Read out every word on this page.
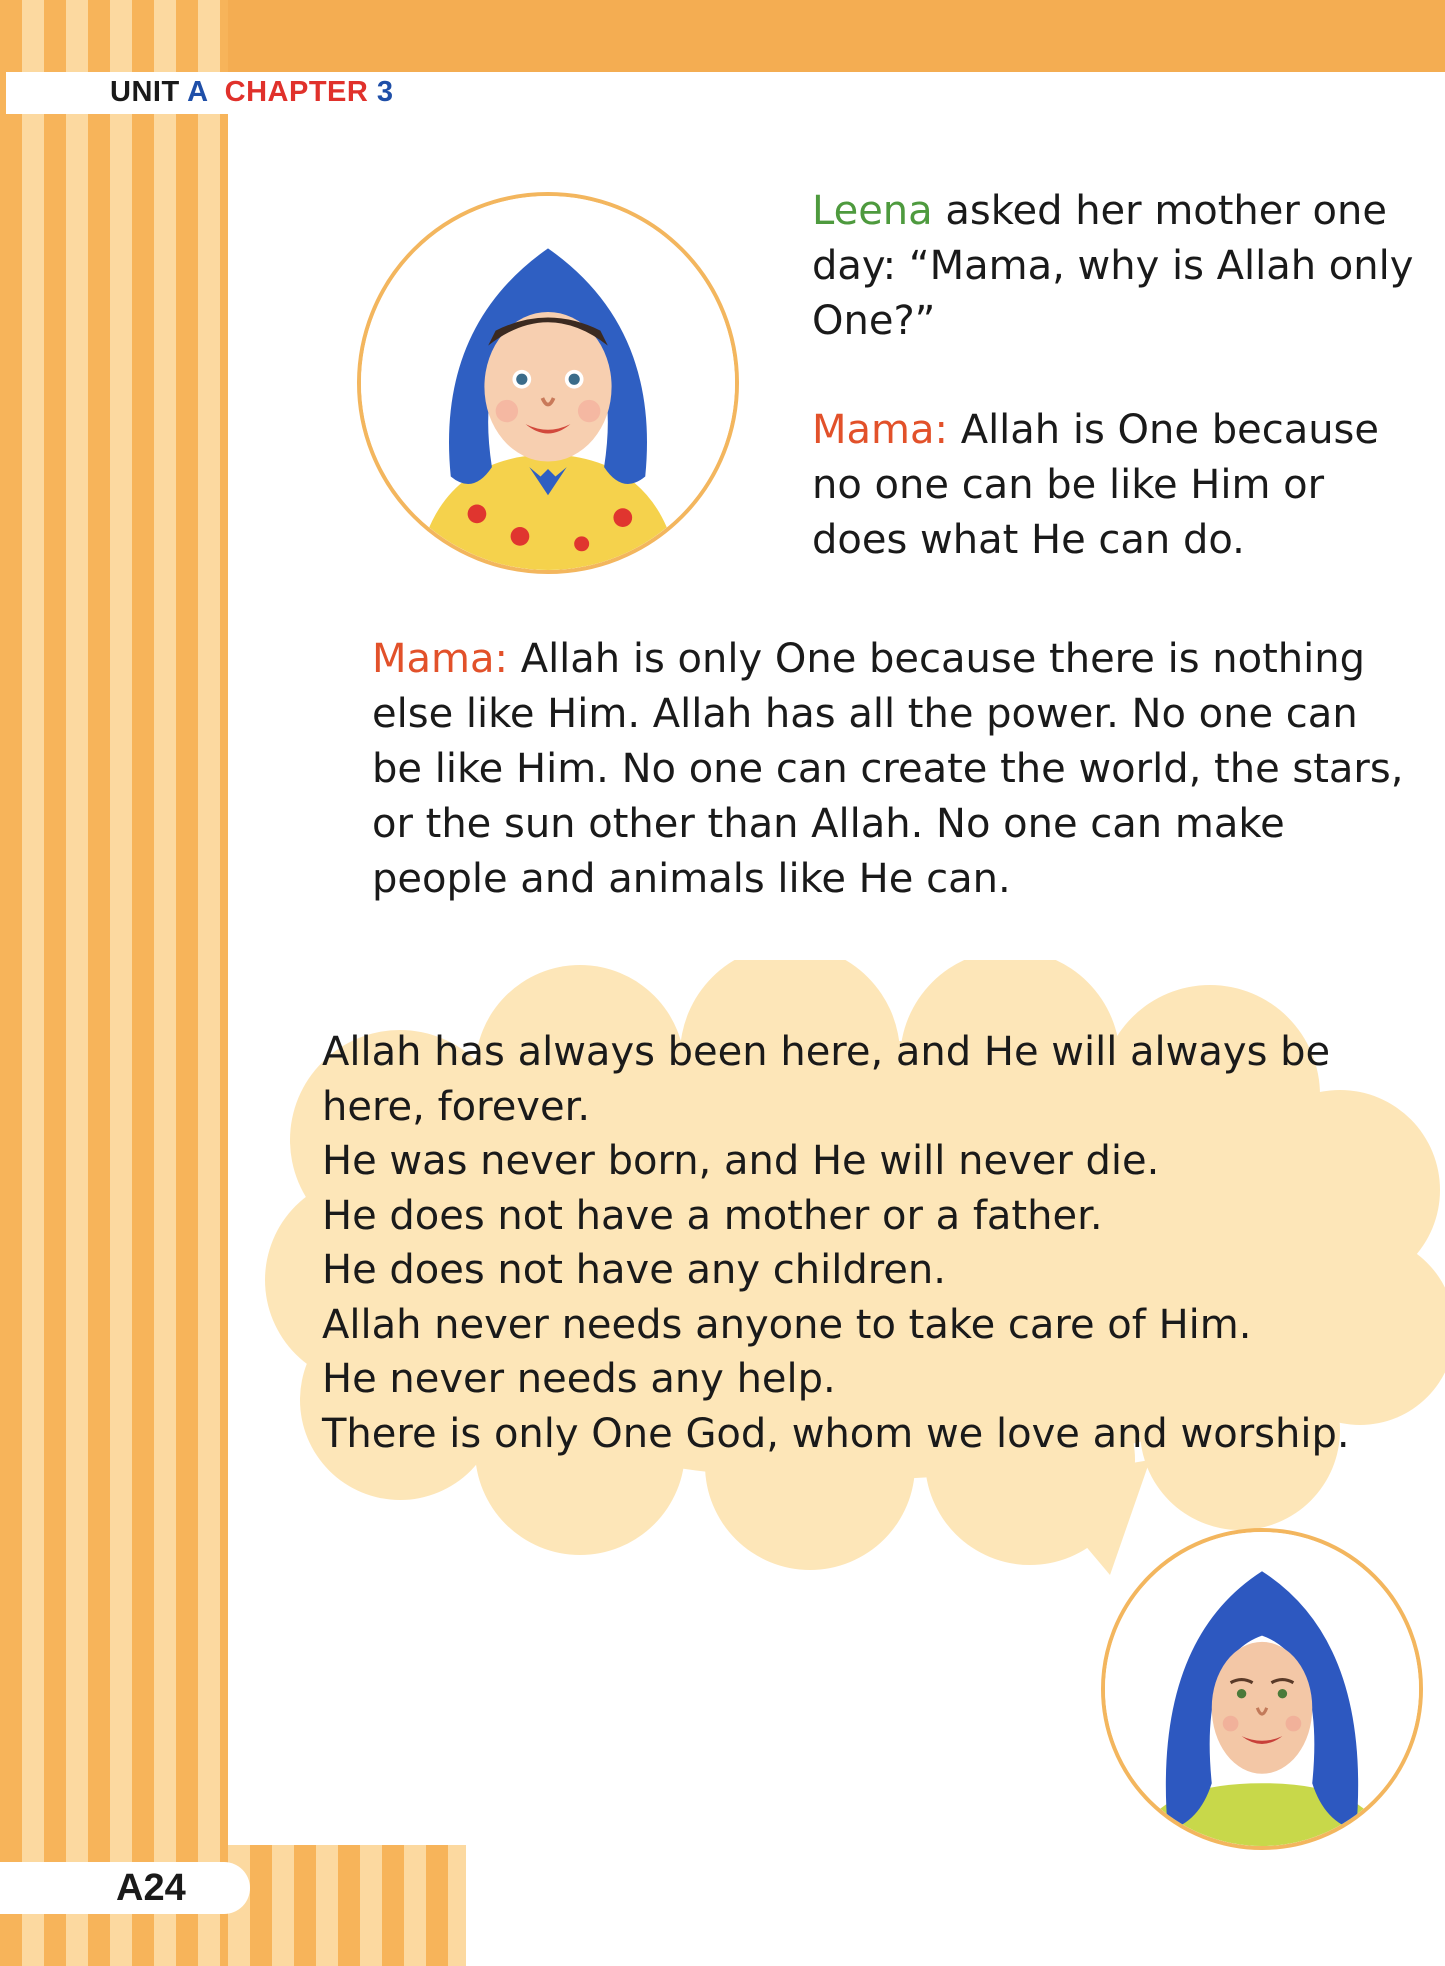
UNIT A CHAPTER 3
A24
Leena asked her mother one day: “Mama, why is Allah only One?”
Mama: Allah is One because no one can be like Him or does what He can do.
Mama: Allah is only One because there is nothing else like Him. Allah has all the power. No one can be like Him. No one can create the world, the stars, or the sun other than Allah. No one can make people and animals like He can.
Allah has always been here, and He will always be
here, forever.
He was never born, and He will never die.
He does not have a mother or a father.
He does not have any children.
Allah never needs anyone to take care of Him.
He never needs any help.
There is only One God, whom we love and worship.
